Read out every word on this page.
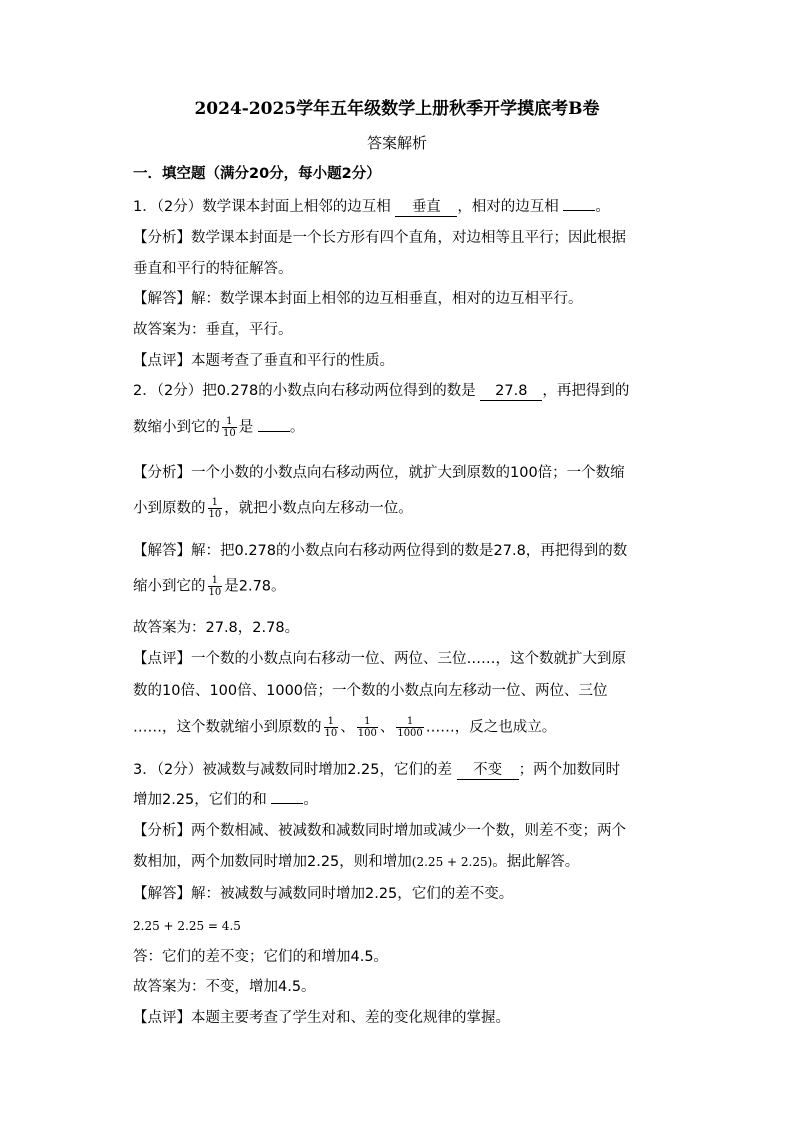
2024-2025学年五年级数学上册秋季开学摸底考B卷
答案解析
一．填空题（满分20分，每小题2分）
1．（2分）数学课本封面上相邻的边互相 垂直 ，相对的边互相	。
【分析】数学课本封面是一个长方形有四个直角，对边相等且平行；因此根据
垂直和平行的特征解答。
【解答】解：数学课本封面上相邻的边互相垂直，相对的边互相平行。
故答案为：垂直，平行。
【点评】本题考查了垂直和平行的性质。
2．（2分）把0.278的小数点向右移动两位得到的数是 27.8 ，再把得到的
数缩小到它的 $\frac{1}{10}$ 是	。
【分析】一个小数的小数点向右移动两位，就扩大到原数的100倍；一个数缩
小到原数的 $\frac{1}{10}$ ，就把小数点向左移动一位。
【解答】解：把0.278的小数点向右移动两位得到的数是27.8，再把得到的数
缩小到它的 $\frac{1}{10}$ 是2.78。
故答案为：27.8，2.78。
【点评】一个数的小数点向右移动一位、两位、三位……，这个数就扩大到原
数的10倍、100倍、1000倍；一个数的小数点向左移动一位、两位、三位
……，这个数就缩小到原数的 $\frac{1}{10}$ 、 $\frac{1}{100}$ 、 $\frac{1}{1000}$ ……，反之也成立。
3．（2分）被减数与减数同时增加2.25，它们的差 不变 ；两个加数同时
增加2.25，它们的和	。
【分析】两个数相减、被减数和减数同时增加或减少一个数，则差不变；两个
数相加，两个加数同时增加2.25，则和增加(2.25 + 2.25)。据此解答。
【解答】解：被减数与减数同时增加2.25，它们的差不变。
2.25 + 2.25 = 4.5
答：它们的差不变；它们的和增加4.5。
故答案为：不变，增加4.5。
【点评】本题主要考查了学生对和、差的变化规律的掌握。
